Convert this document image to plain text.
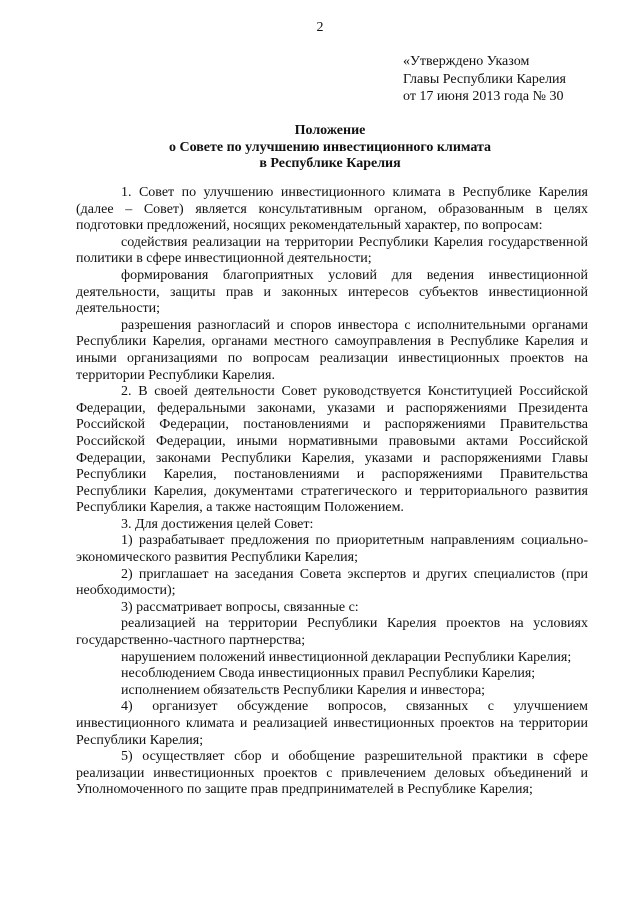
2
«Утверждено Указом
Главы Республики Карелия
от 17 июня 2013 года № 30
Положение
о Совете по улучшению инвестиционного климата
в Республике Карелия

1. Совет по улучшению инвестиционного климата в Республике Карелия (далее – Совет) является консультативным органом, образованным в целях подготовки предложений, носящих рекомендательный характер, по вопросам:

содействия реализации на территории Республики Карелия государственной политики в сфере инвестиционной деятельности;

формирования благоприятных условий для ведения инвестиционной деятельности, защиты прав и законных интересов субъектов инвестиционной деятельности;

разрешения разногласий и споров инвестора с исполнительными органами Республики Карелия, органами местного самоуправления в Республике Карелия и иными организациями по вопросам реализации инвестиционных проектов на территории Республики Карелия.

2. В своей деятельности Совет руководствуется Конституцией Российской Федерации, федеральными законами, указами и распоряжениями Президента Российской Федерации, постановлениями и распоряжениями Правительства Российской Федерации, иными нормативными правовыми актами Российской Федерации, законами Республики Карелия, указами и распоряжениями Главы Республики Карелия, постановлениями и распоряжениями Правительства Республики Карелия, документами стратегического и территориального развития Республики Карелия, а также настоящим Положением.

3. Для достижения целей Совет:

1) разрабатывает предложения по приоритетным направлениям социально-экономического развития Республики Карелия;

2) приглашает на заседания Совета экспертов и других специалистов (при необходимости);

3) рассматривает вопросы, связанные с:

реализацией на территории Республики Карелия проектов на условиях государственно-частного партнерства;

нарушением положений инвестиционной декларации Республики Карелия;

несоблюдением Свода инвестиционных правил Республики Карелия;

исполнением обязательств Республики Карелия и инвестора;

4) организует обсуждение вопросов, связанных с улучшением инвестиционного климата и реализацией инвестиционных проектов на территории Республики Карелия;

5) осуществляет сбор и обобщение разрешительной практики в сфере реализации инвестиционных проектов с привлечением деловых объединений и Уполномоченного по защите прав предпринимателей в Республике Карелия;
